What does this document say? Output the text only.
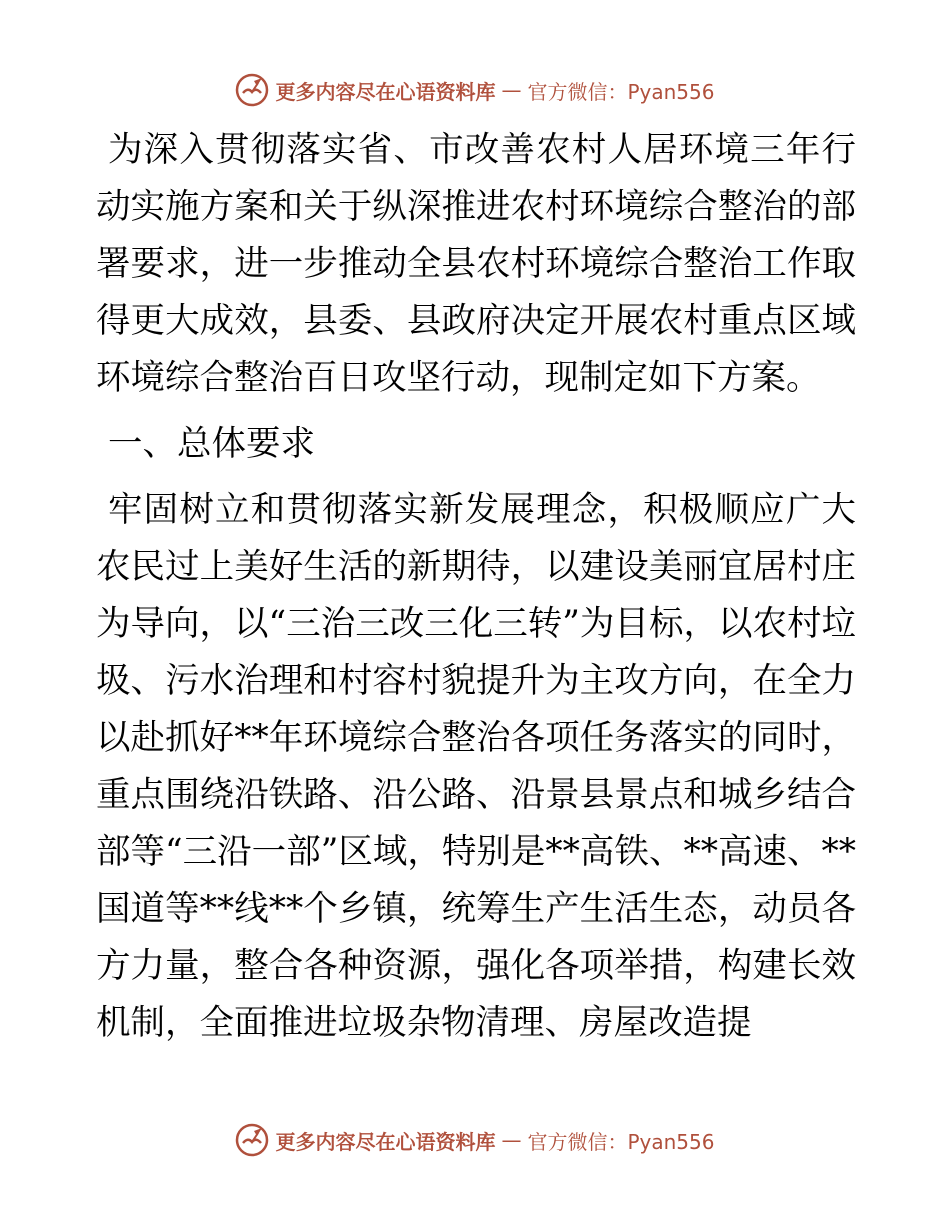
更多内容尽在心语资料库 — 官方微信：Pyan556

为深入贯彻落实省、市改善农村人居环境三年行动实施方案和关于纵深推进农村环境综合整治的部署要求，进一步推动全县农村环境综合整治工作取得更大成效，县委、县政府决定开展农村重点区域环境综合整治百日攻坚行动，现制定如下方案。

一、总体要求

牢固树立和贯彻落实新发展理念，积极顺应广大农民过上美好生活的新期待，以建设美丽宜居村庄为导向，以“三治三改三化三转”为目标，以农村垃圾、污水治理和村容村貌提升为主攻方向，在全力以赴抓好**年环境综合整治各项任务落实的同时，重点围绕沿铁路、沿公路、沿景县景点和城乡结合部等“三沿一部”区域，特别是**高铁、**高速、**国道等**线**个乡镇，统筹生产生活生态，动员各方力量，整合各种资源，强化各项举措，构建长效机制，全面推进垃圾杂物清理、房屋改造提

更多内容尽在心语资料库 — 官方微信：Pyan556
